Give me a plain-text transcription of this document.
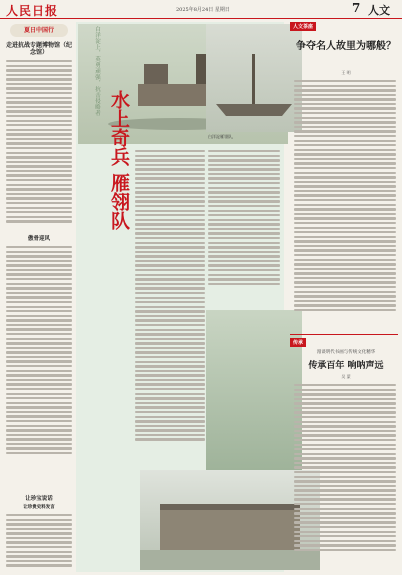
人民日报	2025年8月24日 星期日	7 人文
夏日中国行
走进抗战专题博物馆（纪念馆）
傲骨迎风
让珍宝说话
让珍贵史料发言
白洋淀上，英勇顽强，抗击侵略者
水上奇兵 雁翎队	白洋淀雁翎队，
人文茶座
争夺名人故里为哪般？
王 明
传承
漫谈明代书画与传统文化精华
传承百年 响呐声远
吴 蒙
